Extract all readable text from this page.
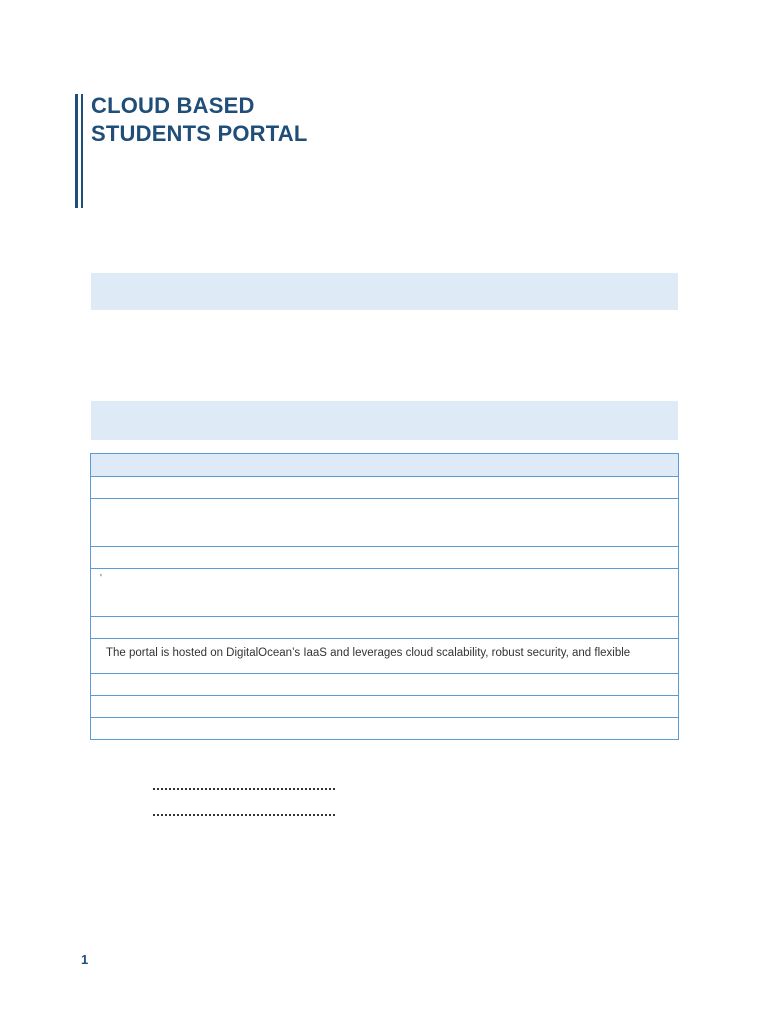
CLOUD BASED
STUDENTS PORTAL
'
The portal is hosted on DigitalOcean’s IaaS and leverages cloud scalability, robust security, and flexible
1
